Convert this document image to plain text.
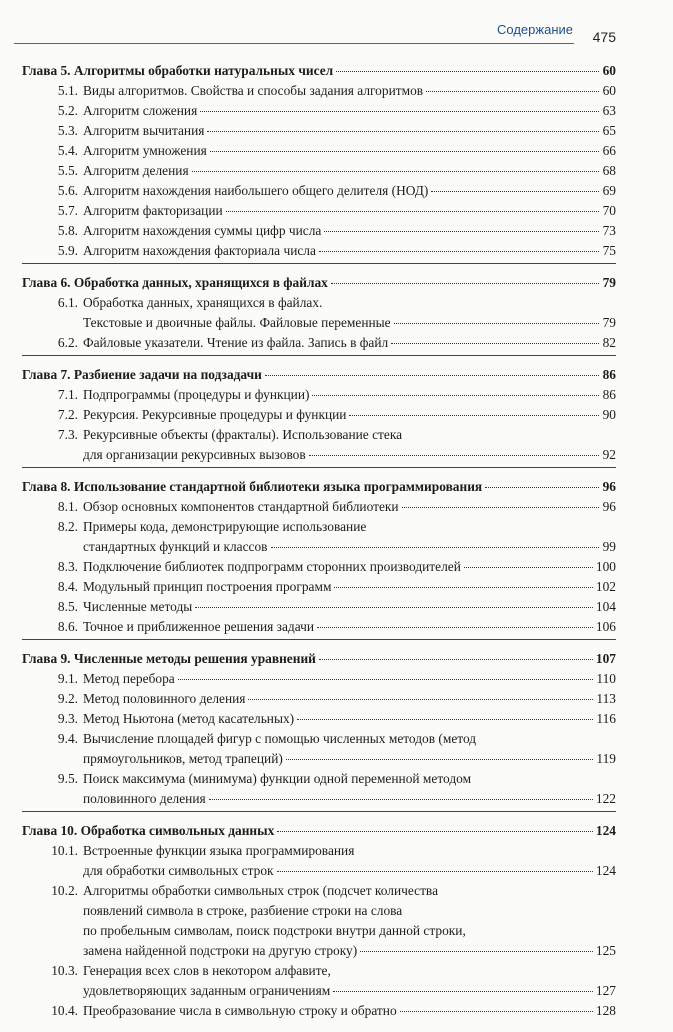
Содержание 475
Глава 5. Алгоритмы обработки натуральных чисел	60
5.1. Виды алгоритмов. Свойства и способы задания алгоритмов	60
5.2. Алгоритм сложения	63
5.3. Алгоритм вычитания	65
5.4. Алгоритм умножения	66
5.5. Алгоритм деления	68
5.6. Алгоритм нахождения наибольшего общего делителя (НОД)	69
5.7. Алгоритм факторизации	70
5.8. Алгоритм нахождения суммы цифр числа	73
5.9. Алгоритм нахождения факториала числа	75
Глава 6. Обработка данных, хранящихся в файлах	79
6.1. Обработка данных, хранящихся в файлах.
Текстовые и двоичные файлы. Файловые переменные	79
6.2. Файловые указатели. Чтение из файла. Запись в файл	82
Глава 7. Разбиение задачи на подзадачи	86
7.1. Подпрограммы (процедуры и функции)	86
7.2. Рекурсия. Рекурсивные процедуры и функции	90
7.3. Рекурсивные объекты (фракталы). Использование стека
для организации рекурсивных вызовов	92
Глава 8. Использование стандартной библиотеки языка программирования	96
8.1. Обзор основных компонентов стандартной библиотеки	96
8.2. Примеры кода, демонстрирующие использование
стандартных функций и классов	99
8.3. Подключение библиотек подпрограмм сторонних производителей	100
8.4. Модульный принцип построения программ	102
8.5. Численные методы	104
8.6. Точное и приближенное решения задачи	106
Глава 9. Численные методы решения уравнений	107
9.1. Метод перебора	110
9.2. Метод половинного деления	113
9.3. Метод Ньютона (метод касательных)	116
9.4. Вычисление площадей фигур с помощью численных методов (метод
прямоугольников, метод трапеций)	119
9.5. Поиск максимума (минимума) функции одной переменной методом
половинного деления	122
Глава 10. Обработка символьных данных	124
10.1. Встроенные функции языка программирования
для обработки символьных строк	124
10.2. Алгоритмы обработки символьных строк (подсчет количества
появлений символа в строке, разбиение строки на слова
по пробельным символам, поиск подстроки внутри данной строки,
замена найденной подстроки на другую строку)	125
10.3. Генерация всех слов в некотором алфавите,
удовлетворяющих заданным ограничениям	127
10.4. Преобразование числа в символьную строку и обратно	128
